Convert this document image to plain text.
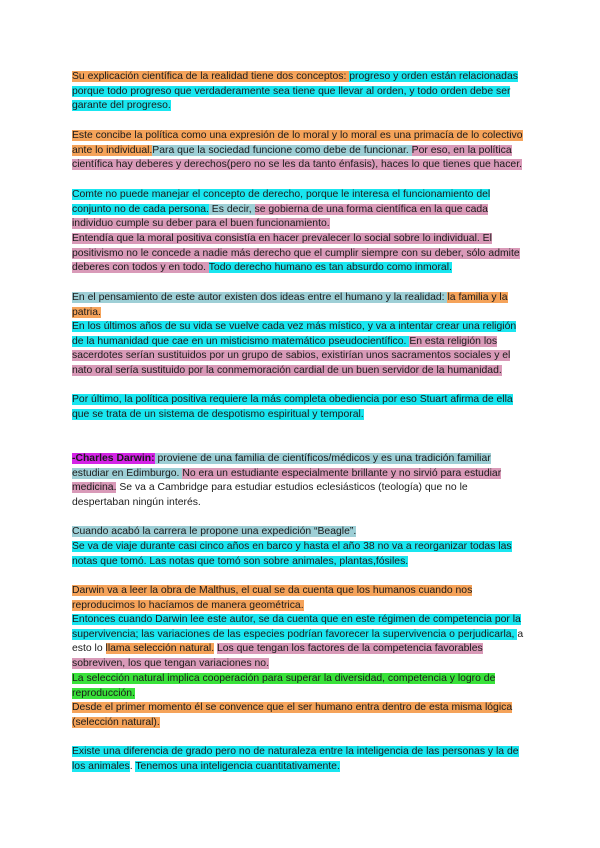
Su explicación científica de la realidad tiene dos conceptos: progreso y orden están relacionadas porque todo progreso que verdaderamente sea tiene que llevar al orden, y todo orden debe ser garante del progreso.

Este concibe la política como una expresión de lo moral y lo moral es una primacía de lo colectivo ante lo individual.Para que la sociedad funcione como debe de funcionar. Por eso, en la política científica hay deberes y derechos(pero no se les da tanto énfasis), haces lo que tienes que hacer.

Comte no puede manejar el concepto de derecho, porque le interesa el funcionamiento del conjunto no de cada persona. Es decir, se gobierna de una forma científica en la que cada individuo cumple su deber para el buen funcionamiento.

Entendía que la moral positiva consistía en hacer prevalecer lo social sobre lo individual. El positivismo no le concede a nadie más derecho que el cumplir siempre con su deber, sólo admite deberes con todos y en todo. Todo derecho humano es tan absurdo como inmoral.

En el pensamiento de este autor existen dos ideas entre el humano y la realidad: la familia y la patria.

En los últimos años de su vida se vuelve cada vez más místico, y va a intentar crear una religión de la humanidad que cae en un misticismo matemático pseudocientífico. En esta religión los sacerdotes serían sustituidos por un grupo de sabios, existirían unos sacramentos sociales y el nato oral sería sustituido por la conmemoración cardial de un buen servidor de la humanidad.

Por último, la política positiva requiere la más completa obediencia por eso Stuart afirma de ella que se trata de un sistema de despotismo espiritual y temporal.

-Charles Darwin: proviene de una familia de científicos/médicos y es una tradición familiar estudiar en Edimburgo. No era un estudiante especialmente brillante y no sirvió para estudiar medicina. Se va a Cambridge para estudiar estudios eclesiásticos (teología) que no le despertaban ningún interés.

Cuando acabó la carrera le propone una expedición “Beagle”.

Se va de viaje durante casi cinco años en barco y hasta el año 38 no va a reorganizar todas las notas que tomó. Las notas que tomó son sobre animales, plantas,fósiles.

Darwin va a leer la obra de Malthus, el cual se da cuenta que los humanos cuando nos reproducimos lo hacíamos de manera geométrica.

Entonces cuando Darwin lee este autor, se da cuenta que en este régimen de competencia por la supervivencia; las variaciones de las especies podrían favorecer la supervivencia o perjudicarla, a esto lo llama selección natural. Los que tengan los factores de la competencia favorables sobreviven, los que tengan variaciones no.

La selección natural implica cooperación para superar la diversidad, competencia y logro de reproducción.

Desde el primer momento él se convence que el ser humano entra dentro de esta misma lógica (selección natural).

Existe una diferencia de grado pero no de naturaleza entre la inteligencia de las personas y la de los animales. Tenemos una inteligencia cuantitativamente.
